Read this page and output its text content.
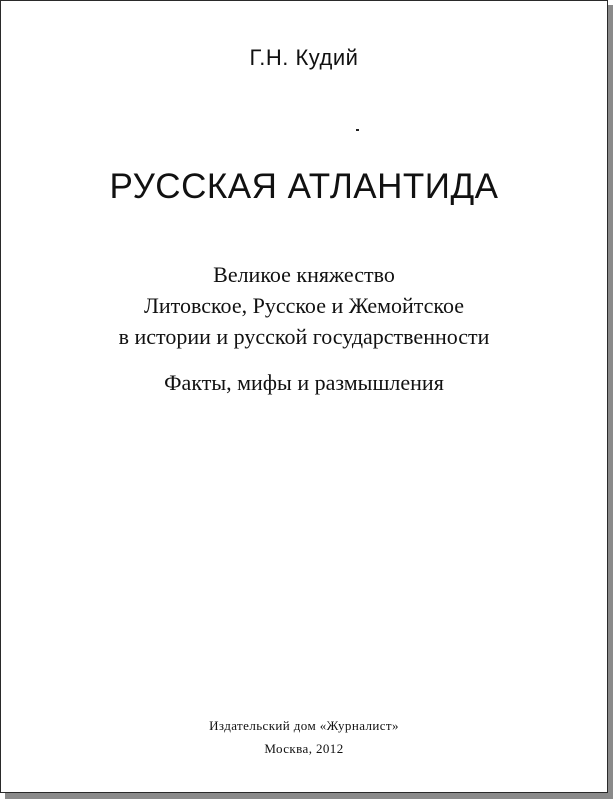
Г.Н. Кудий
РУССКАЯ АТЛАНТИДА
Великое княжество
Литовское, Русское и Жемойтское
в истории и русской государственности
Факты, мифы и размышления
Издательский дом «Журналист»
Москва, 2012
